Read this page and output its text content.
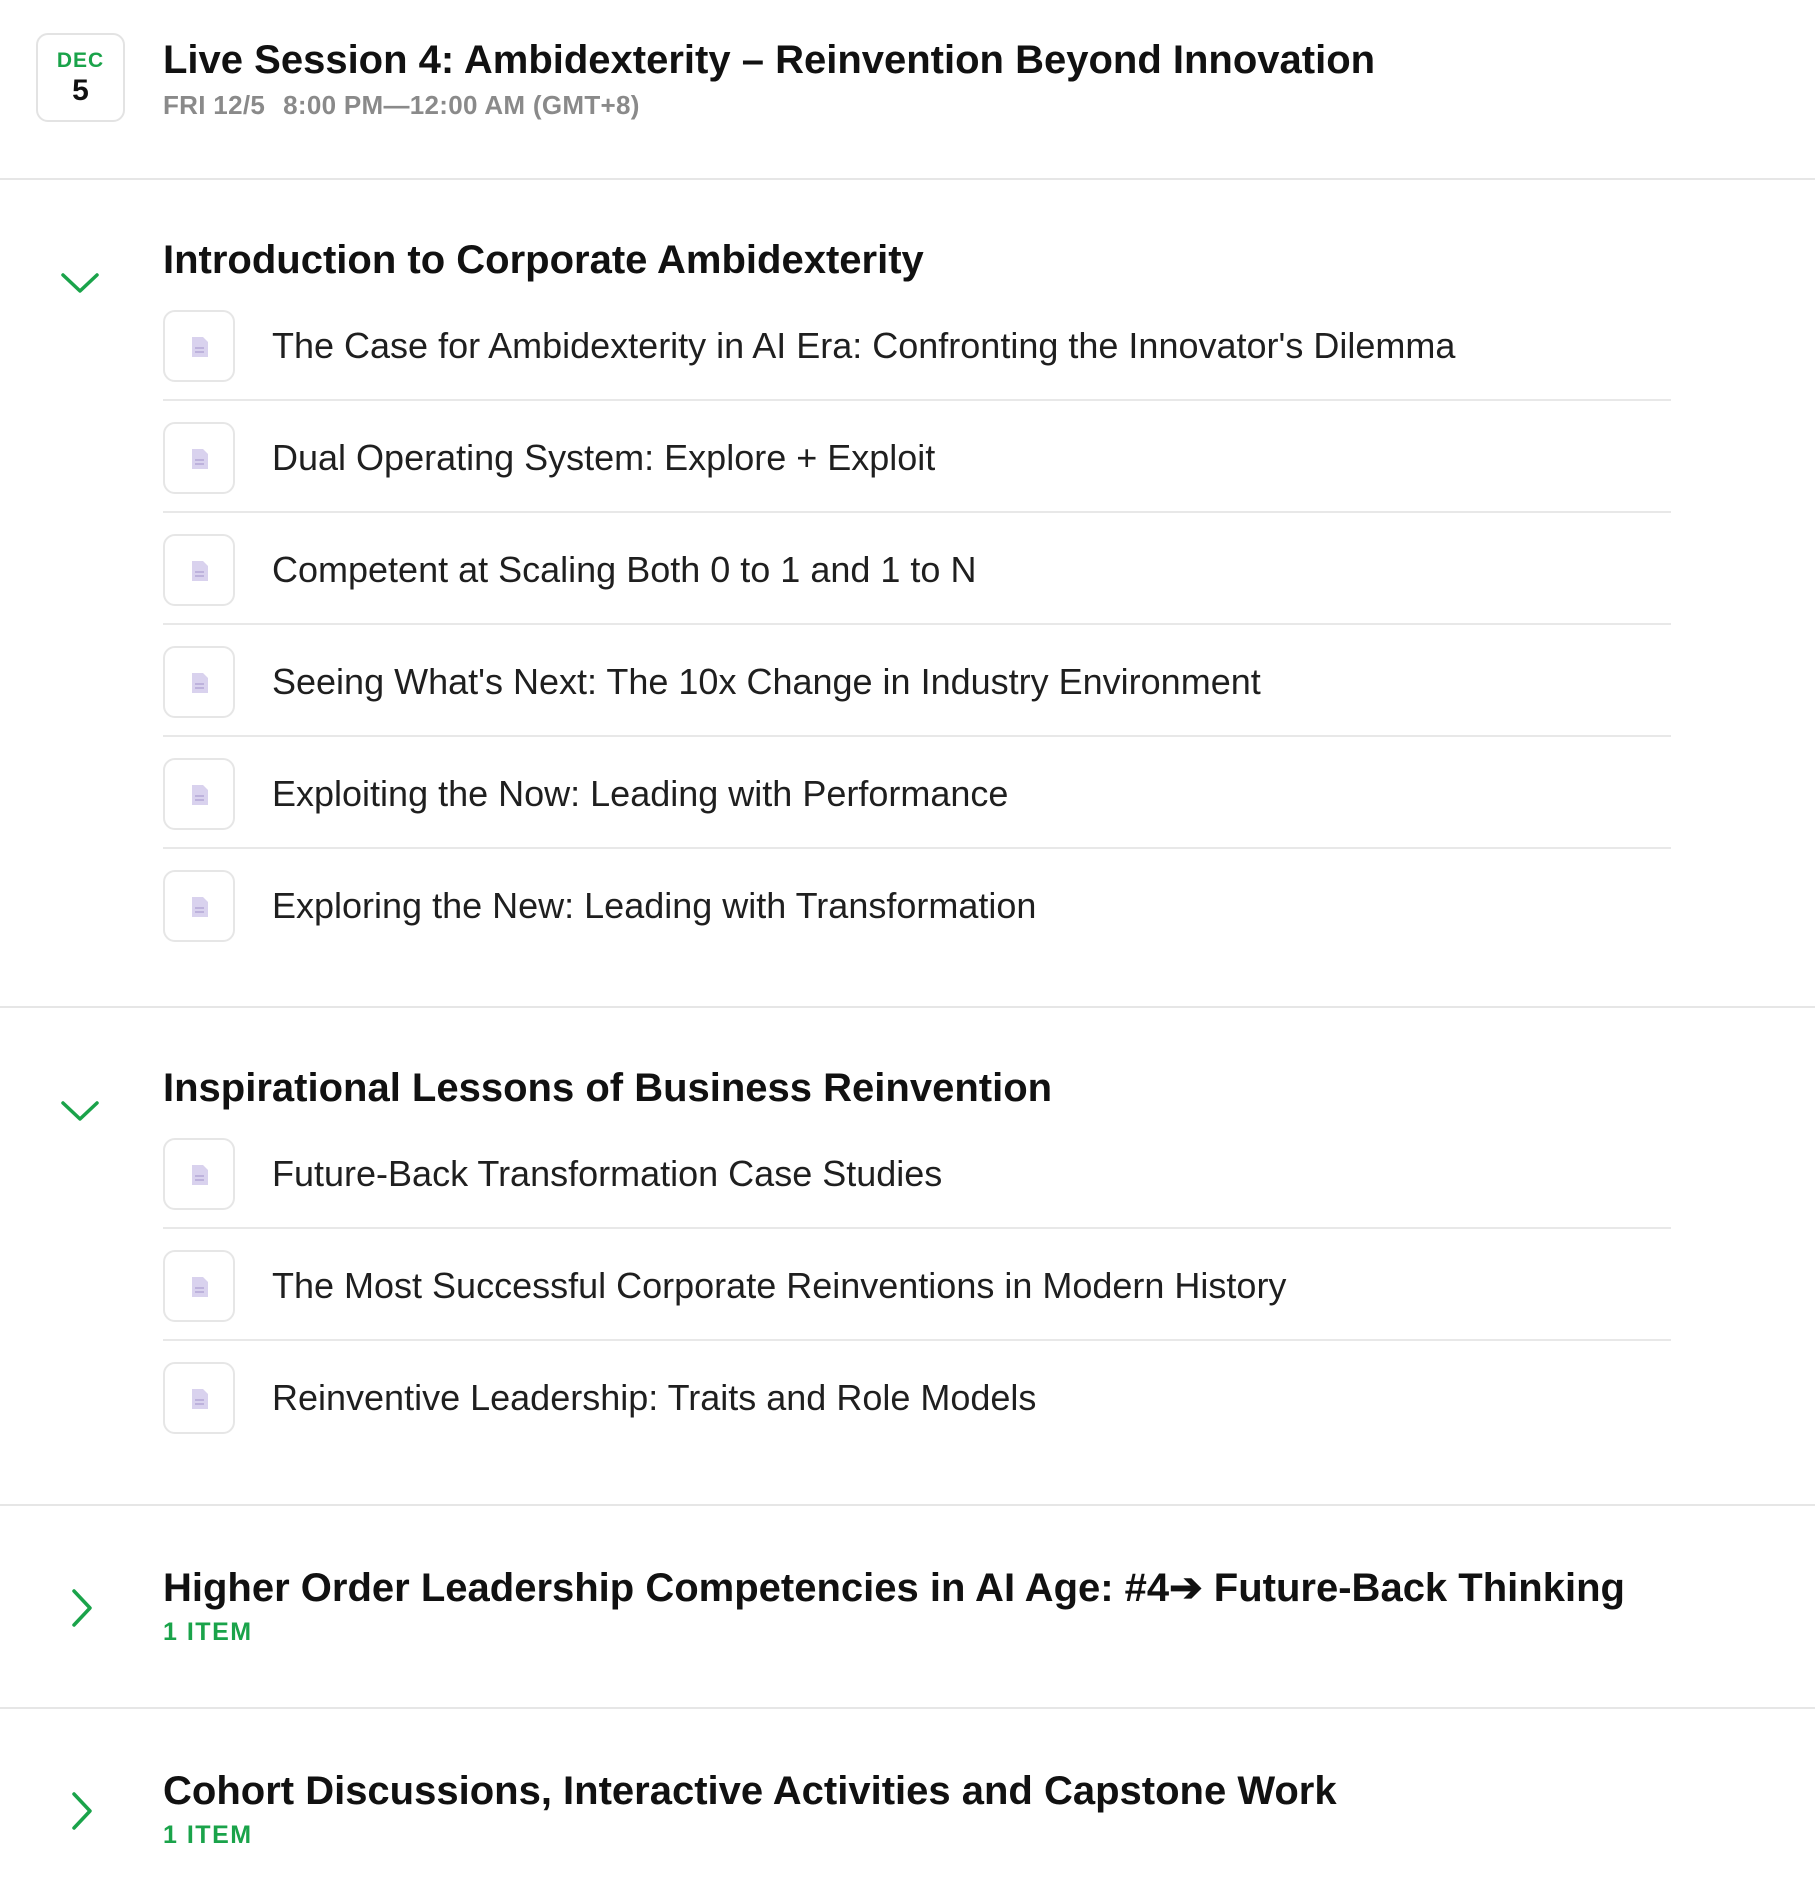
DEC
5
Live Session 4: Ambidexterity – Reinvention Beyond Innovation
FRI 12/5 8:00 PM—12:00 AM (GMT+8)
Introduction to Corporate Ambidexterity
The Case for Ambidexterity in AI Era: Confronting the Innovator's Dilemma
Dual Operating System: Explore + Exploit
Competent at Scaling Both 0 to 1 and 1 to N
Seeing What's Next: The 10x Change in Industry Environment
Exploiting the Now: Leading with Performance
Exploring the New: Leading with Transformation
Inspirational Lessons of Business Reinvention
Future-Back Transformation Case Studies
The Most Successful Corporate Reinventions in Modern History
Reinventive Leadership: Traits and Role Models
Higher Order Leadership Competencies in AI Age: #4➔ Future-Back Thinking
1 ITEM
Cohort Discussions, Interactive Activities and Capstone Work
1 ITEM
